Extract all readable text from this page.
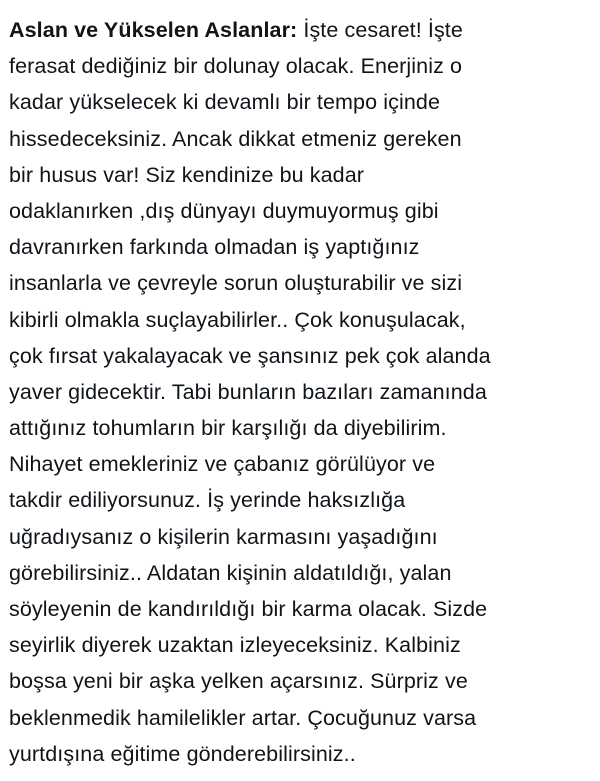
Aslan ve Yükselen Aslanlar: İşte cesaret! İşte
ferasat dediğiniz bir dolunay olacak. Enerjiniz o
kadar yükselecek ki devamlı bir tempo içinde
hissedeceksiniz. Ancak dikkat etmeniz gereken
bir husus var! Siz kendinize bu kadar
odaklanırken ,dış dünyayı duymuyormuş gibi
davranırken farkında olmadan iş yaptığınız
insanlarla ve çevreyle sorun oluşturabilir ve sizi
kibirli olmakla suçlayabilirler.. Çok konuşulacak,
çok fırsat yakalayacak ve şansınız pek çok alanda
yaver gidecektir. Tabi bunların bazıları zamanında
attığınız tohumların bir karşılığı da diyebilirim.
Nihayet emekleriniz ve çabanız görülüyor ve
takdir ediliyorsunuz. İş yerinde haksızlığa
uğradıysanız o kişilerin karmasını yaşadığını
görebilirsiniz.. Aldatan kişinin aldatıldığı, yalan
söyleyenin de kandırıldığı bir karma olacak. Sizde
seyirlik diyerek uzaktan izleyeceksiniz. Kalbiniz
boşsa yeni bir aşka yelken açarsınız. Sürpriz ve
beklenmedik hamilelikler artar. Çocuğunuz varsa
yurtdışına eğitime gönderebilirsiniz..
